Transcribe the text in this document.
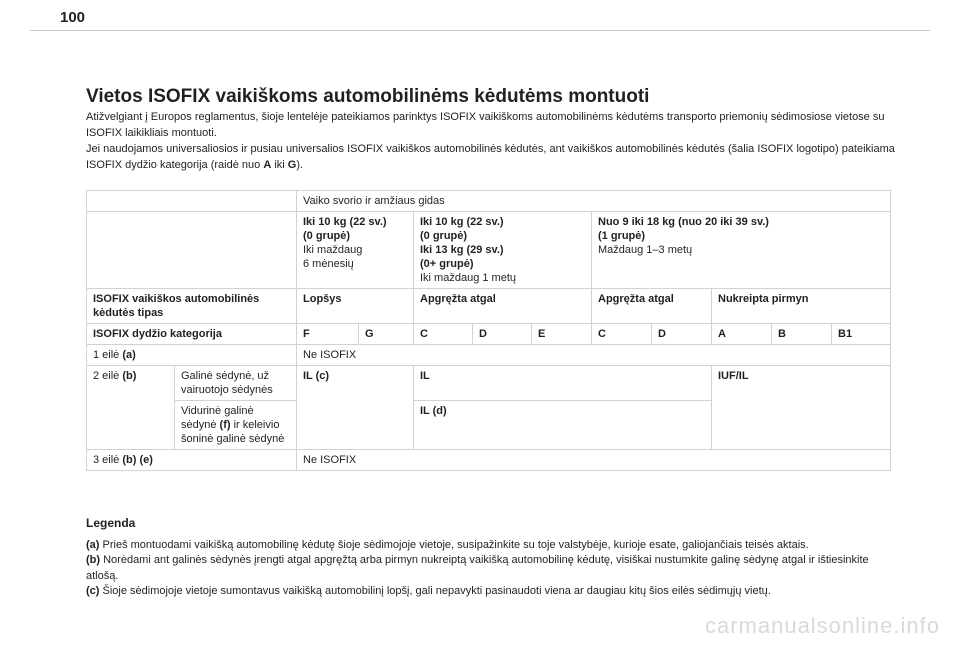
100
Vietos ISOFIX vaikiškoms automobilinėms kėdutėms montuoti

Atižvelgiant į Europos reglamentus, šioje lentelėje pateikiamos parinktys ISOFIX vaikiškoms automobilinėms kėdutėms transporto priemonių sėdimosiose vietose su ISOFIX laikikliais montuoti.

Jei naudojamos universaliosios ir pusiau universalios ISOFIX vaikiškos automobilinės kėdutės, ant vaikiškos automobilinės kėdutės (šalia ISOFIX logotipo) pateikiama ISOFIX dydžio kategorija (raidė nuo A iki G).

		Vaiko svorio ir amžiaus gidas									
		Iki 10 kg (22 sv.)
(0 grupė)
Iki maždaug
6 mėnesių		Iki 10 kg (22 sv.)
(0 grupė)
Iki 13 kg (29 sv.)
(0+ grupė)
Iki maždaug 1 metų			Nuo 9 iki 18 kg (nuo 20 iki 39 sv.)
(1 grupė)
Maždaug 1–3 metų				
ISOFIX vaikiškos automobilinės kėdutės tipas		Lopšys		Apgręžta atgal			Apgręžta atgal		Nukreipta pirmyn		
ISOFIX dydžio kategorija		F	G	C	D	E	C	D	A	B	B1
1 eilė (a)		Ne ISOFIX									
2 eilė (b)	Galinė sėdynė, už vairuotojo sėdynės	IL (c)		IL					IUF/IL		
	Vidurinė galinė sėdynė (f) ir keleivio šoninė galinė sėdynė			IL (d)							
3 eilė (b) (e)		Ne ISOFIX									
Legenda

(a) Prieš montuodami vaikišką automobilinę kėdutę šioje sėdimojoje vietoje, susipažinkite su toje valstybėje, kurioje esate, galiojančiais teisės aktais.

(b) Norėdami ant galinės sėdynės įrengti atgal apgręžtą arba pirmyn nukreiptą vaikišką automobilinę kėdutę, visiškai nustumkite galinę sėdynę atgal ir ištiesinkite atlošą.

(c) Šioje sėdimojoje vietoje sumontavus vaikišką automobilinį lopšį, gali nepavykti pasinaudoti viena ar daugiau kitų šios eilės sėdimųjų vietų.

carmanualsonline.info
